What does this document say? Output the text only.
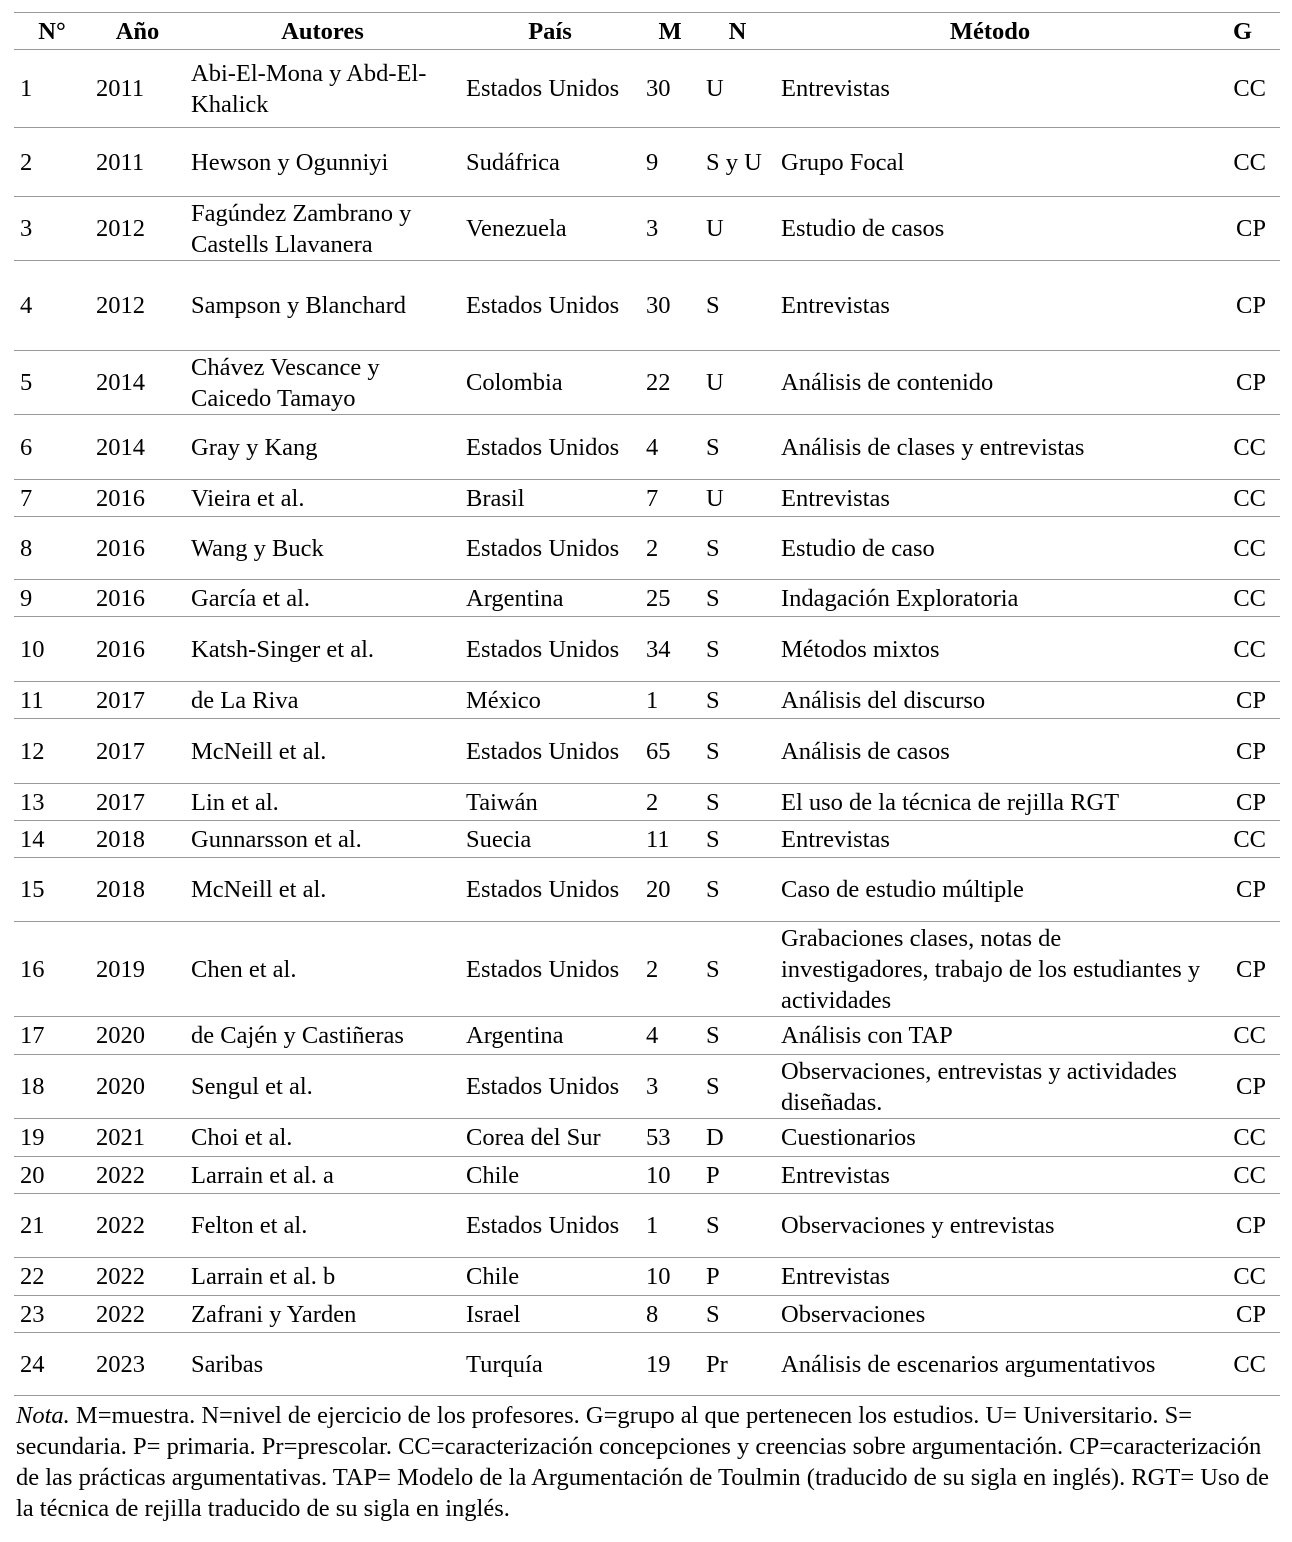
N°	Año	Autores	País	M	N	Método	G
1	2011	Abi-El-Mona y Abd-El-Khalick	Estados Unidos	30	U	Entrevistas	CC
2	2011	Hewson y Ogunniyi	Sudáfrica	9	S y U	Grupo Focal	CC
3	2012	Fagúndez Zambrano y Castells Llavanera	Venezuela	3	U	Estudio de casos	CP
4	2012	Sampson y Blanchard	Estados Unidos	30	S	Entrevistas	CP
5	2014	Chávez Vescance y Caicedo Tamayo	Colombia	22	U	Análisis de contenido	CP
6	2014	Gray y Kang	Estados Unidos	4	S	Análisis de clases y entrevistas	CC
7	2016	Vieira et al.	Brasil	7	U	Entrevistas	CC
8	2016	Wang y Buck	Estados Unidos	2	S	Estudio de caso	CC
9	2016	García et al.	Argentina	25	S	Indagación Exploratoria	CC
10	2016	Katsh-Singer et al.	Estados Unidos	34	S	Métodos mixtos	CC
11	2017	de La Riva	México	1	S	Análisis del discurso	CP
12	2017	McNeill et al.	Estados Unidos	65	S	Análisis de casos	CP
13	2017	Lin et al.	Taiwán	2	S	El uso de la técnica de rejilla RGT	CP
14	2018	Gunnarsson et al.	Suecia	11	S	Entrevistas	CC
15	2018	McNeill et al.	Estados Unidos	20	S	Caso de estudio múltiple	CP
16	2019	Chen et al.	Estados Unidos	2	S	Grabaciones clases, notas de investigadores, trabajo de los estudiantes y actividades	CP
17	2020	de Cajén y Castiñeras	Argentina	4	S	Análisis con TAP	CC
18	2020	Sengul et al.	Estados Unidos	3	S	Observaciones, entrevistas y actividades diseñadas.	CP
19	2021	Choi et al.	Corea del Sur	53	D	Cuestionarios	CC
20	2022	Larrain et al. a	Chile	10	P	Entrevistas	CC
21	2022	Felton et al.	Estados Unidos	1	S	Observaciones y entrevistas	CP
22	2022	Larrain et al. b	Chile	10	P	Entrevistas	CC
23	2022	Zafrani y Yarden	Israel	8	S	Observaciones	CP
24	2023	Saribas	Turquía	19	Pr	Análisis de escenarios argumentativos	CC
Nota. M=muestra. N=nivel de ejercicio de los profesores. G=grupo al que pertenecen los estudios. U= Universitario. S= secundaria. P= primaria. Pr=prescolar. CC=caracterización concepciones y creencias sobre argumentación. CP=caracterización de las prácticas argumentativas. TAP= Modelo de la Argumentación de Toulmin (traducido de su sigla en inglés). RGT= Uso de la técnica de rejilla traducido de su sigla en inglés.
